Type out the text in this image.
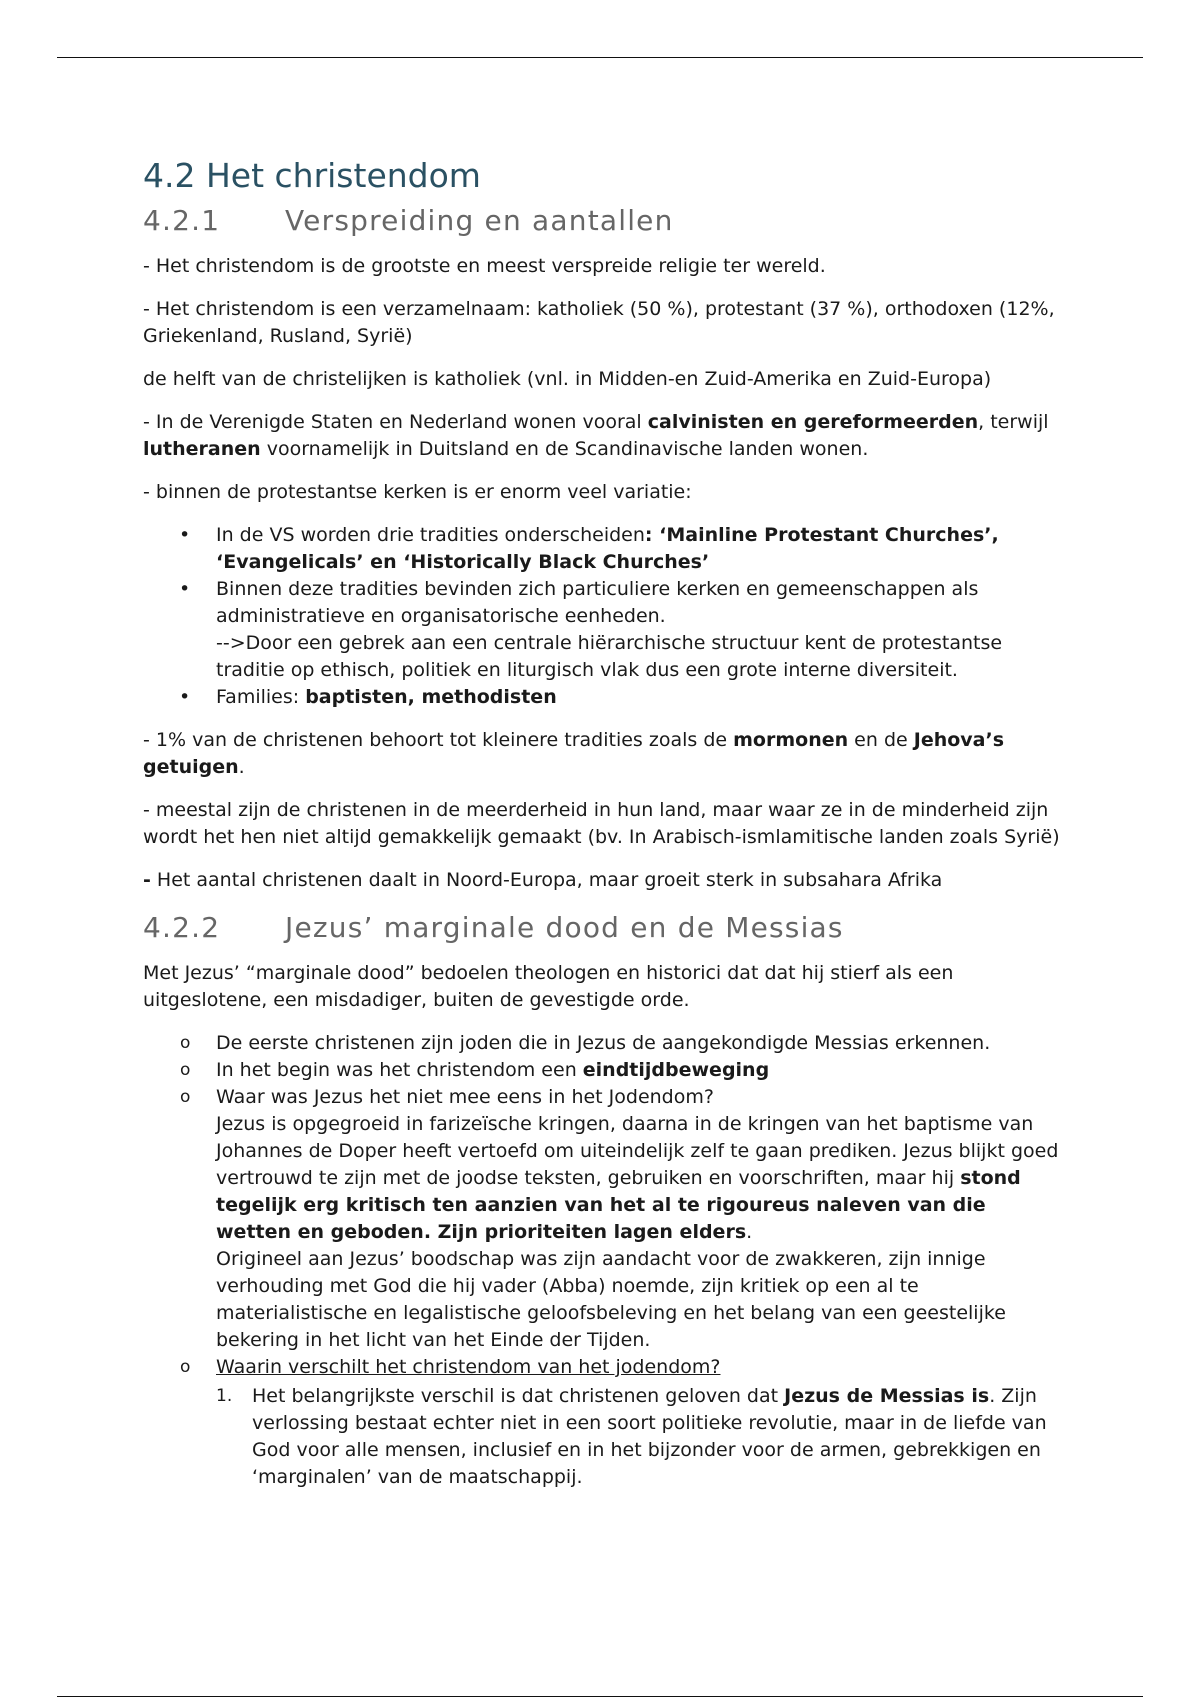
4.2 Het christendom
4.2.1	Verspreiding en aantallen

- Het christendom is de grootste en meest verspreide religie ter wereld.

- Het christendom is een verzamelnaam: katholiek (50 %), protestant (37 %), orthodoxen (12%, Griekenland, Rusland, Syrië)

de helft van de christelijken is katholiek (vnl. in Midden-en Zuid-Amerika en Zuid-Europa)

- In de Verenigde Staten en Nederland wonen vooral calvinisten en gereformeerden, terwijl lutheranen voornamelijk in Duitsland en de Scandinavische landen wonen.

- binnen de protestantse kerken is er enorm veel variatie:

• In de VS worden drie tradities onderscheiden: ‘Mainline Protestant Churches’, ‘Evangelicals’ en ‘Historically Black Churches’
• Binnen deze tradities bevinden zich particuliere kerken en gemeenschappen als administratieve en organisatorische eenheden.
-->Door een gebrek aan een centrale hiërarchische structuur kent de protestantse traditie op ethisch, politiek en liturgisch vlak dus een grote interne diversiteit.
• Families: baptisten, methodisten

- 1% van de christenen behoort tot kleinere tradities zoals de mormonen en de Jehova’s getuigen.

- meestal zijn de christenen in de meerderheid in hun land, maar waar ze in de minderheid zijn wordt het hen niet altijd gemakkelijk gemaakt (bv. In Arabisch-ismlamitische landen zoals Syrië)

- Het aantal christenen daalt in Noord-Europa, maar groeit sterk in subsahara Afrika

4.2.2	Jezus’ marginale dood en de Messias

Met Jezus’ “marginale dood” bedoelen theologen en historici dat dat hij stierf als een uitgeslotene, een misdadiger, buiten de gevestigde orde.

o De eerste christenen zijn joden die in Jezus de aangekondigde Messias erkennen.
o In het begin was het christendom een eindtijdbeweging
o Waar was Jezus het niet mee eens in het Jodendom?
Jezus is opgegroeid in farizeïsche kringen, daarna in de kringen van het baptisme van Johannes de Doper heeft vertoefd om uiteindelijk zelf te gaan prediken. Jezus blijkt goed vertrouwd te zijn met de joodse teksten, gebruiken en voorschriften, maar hij stond tegelijk erg kritisch ten aanzien van het al te rigoureus naleven van die wetten en geboden. Zijn prioriteiten lagen elders.
Origineel aan Jezus’ boodschap was zijn aandacht voor de zwakkeren, zijn innige verhouding met God die hij vader (Abba) noemde, zijn kritiek op een al te materialistische en legalistische geloofsbeleving en het belang van een geestelijke bekering in het licht van het Einde der Tijden.
o Waarin verschilt het christendom van het jodendom?
1. Het belangrijkste verschil is dat christenen geloven dat Jezus de Messias is. Zijn verlossing bestaat echter niet in een soort politieke revolutie, maar in de liefde van God voor alle mensen, inclusief en in het bijzonder voor de armen, gebrekkigen en ‘marginalen’ van de maatschappij.
